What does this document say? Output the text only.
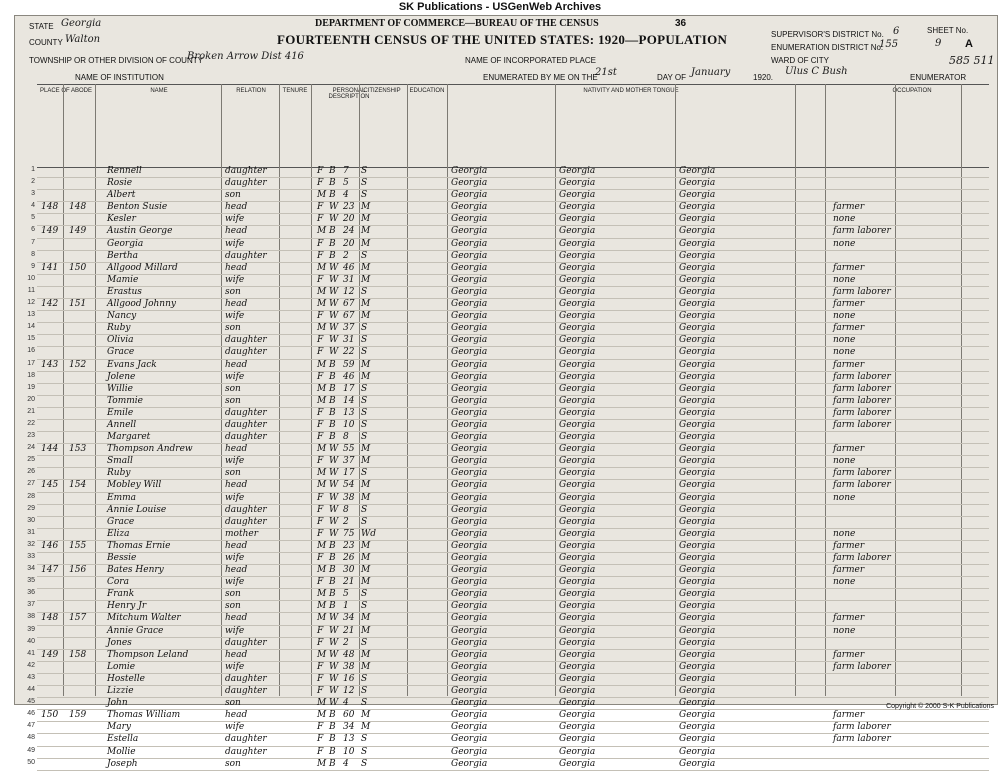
SK Publications - USGenWeb Archives
DEPARTMENT OF COMMERCE—BUREAU OF THE CENSUS
FOURTEENTH CENSUS OF THE UNITED STATES: 1920—POPULATION
STATE Georgia
COUNTY Walton
TOWNSHIP OR OTHER DIVISION OF COUNTY
Broken Arrow Dist 416	NAME OF INCORPORATED PLACE
NAME OF INSTITUTION	ENUMERATED BY ME ON THE
21st	DAY OF January	1920.
Ulus C Bush
ENUMERATOR
SUPERVISOR'S DISTRICT No. 6
ENUMERATION DISTRICT No.
155
WARD OF CITY
SHEET No.
9 A
36
585 511
PLACE OF ABODE	NAME	RELATION	TENURE	PERSONAL DESCRIPTION
CITIZENSHIP	EDUCATION	NATIVITY AND MOTHER TONGUE	OCCUPATION
1	Rennell	daughter	F B 7 S	Georgia	Georgia	Georgia
2	Rosie	daughter	F B 5 S	Georgia	Georgia	Georgia
3	Albert	son	M B 4 S	Georgia	Georgia	Georgia
4 148 148 Benton Susie	head	F W 23 M	Georgia	Georgia	Georgia	farmer
5	Kesler	wife	F W 20 M	Georgia	Georgia	Georgia	none
6 149 149 Austin George	head	M B 24 M	Georgia	Georgia	Georgia	farm laborer
7	Georgia	wife	F B 20 M	Georgia	Georgia	Georgia	none
8	Bertha	daughter	F B 2 S	Georgia	Georgia	Georgia
9 141 150 Allgood Millard	head	M W 46 M	Georgia	Georgia	Georgia	farmer
10	Mamie	wife	F W 31 M	Georgia	Georgia	Georgia	none
11	Erastus	son	M W 12 S	Georgia	Georgia	Georgia	farm laborer
12 142 151 Allgood Johnny	head	M W 67 M	Georgia	Georgia	Georgia	farmer
13	Nancy	wife	F W 67 M	Georgia	Georgia	Georgia	none
14	Ruby	son	M W 37 S	Georgia	Georgia	Georgia	farmer
15	Olivia	daughter	F W 31 S	Georgia	Georgia	Georgia	none
16	Grace	daughter	F W 22 S	Georgia	Georgia	Georgia	none
17 143 152 Evans Jack	head	M B 59 M	Georgia	Georgia	Georgia	farmer
18	Jolene	wife	F B 46 M	Georgia	Georgia	Georgia	farm laborer
19	Willie	son	M B 17 S	Georgia	Georgia	Georgia	farm laborer
20	Tommie	son	M B 14 S	Georgia	Georgia	Georgia	farm laborer
21	Emile	daughter	F B 13 S	Georgia	Georgia	Georgia	farm laborer
22	Annell	daughter	F B 10 S	Georgia	Georgia	Georgia	farm laborer
23	Margaret	daughter	F B 8 S	Georgia	Georgia	Georgia
24 144 153 Thompson Andrew	head	M W 55 M	Georgia	Georgia	Georgia	farmer
25	Small	wife	F W 37 M	Georgia	Georgia	Georgia	none
26	Ruby	son	M W 17 S	Georgia	Georgia	Georgia	farm laborer
27 145 154 Mobley Will	head	M W 54 M	Georgia	Georgia	Georgia	farm laborer
28	Emma	wife	F W 38 M	Georgia	Georgia	Georgia	none
29	Annie Louise	daughter	F W 8 S	Georgia	Georgia	Georgia
30	Grace	daughter	F W 2 S	Georgia	Georgia	Georgia
31	Eliza	mother	F W 75 Wd	Georgia	Georgia	Georgia	none
32 146 155 Thomas Ernie	head	M B 23 M	Georgia	Georgia	Georgia	farmer
33	Bessie	wife	F B 26 M	Georgia	Georgia	Georgia	farm laborer
34 147 156 Bates Henry	head	M B 30 M	Georgia	Georgia	Georgia	farmer
35	Cora	wife	F B 21 M	Georgia	Georgia	Georgia	none
36	Frank	son	M B 5 S	Georgia	Georgia	Georgia
37	Henry Jr	son	M B 1 S	Georgia	Georgia	Georgia
38 148 157 Mitchum Walter	head	M W 34 M	Georgia	Georgia	Georgia	farmer
39	Annie Grace	wife	F W 21 M	Georgia	Georgia	Georgia	none
40	Jones	daughter	F W 2 S	Georgia	Georgia	Georgia
41 149 158 Thompson Leland	head	M W 48 M	Georgia	Georgia	Georgia	farmer
42	Lomie	wife	F W 38 M	Georgia	Georgia	Georgia	farm laborer
43	Hostelle	daughter	F W 16 S	Georgia	Georgia	Georgia
44	Lizzie	daughter	F W 12 S	Georgia	Georgia	Georgia
45	John	son	M W 4 S	Georgia	Georgia	Georgia
46 150 159 Thomas William	head	M B 60 M	Georgia	Georgia	Georgia	farmer
47	Mary	wife	F B 34 M	Georgia	Georgia	Georgia	farm laborer
48	Estella	daughter	F B 13 S	Georgia	Georgia	Georgia	farm laborer
49	Mollie	daughter	F B 10 S	Georgia	Georgia	Georgia
50	Joseph	son	M B 4 S	Georgia	Georgia	Georgia
Copyright © 2000 S-K Publications
